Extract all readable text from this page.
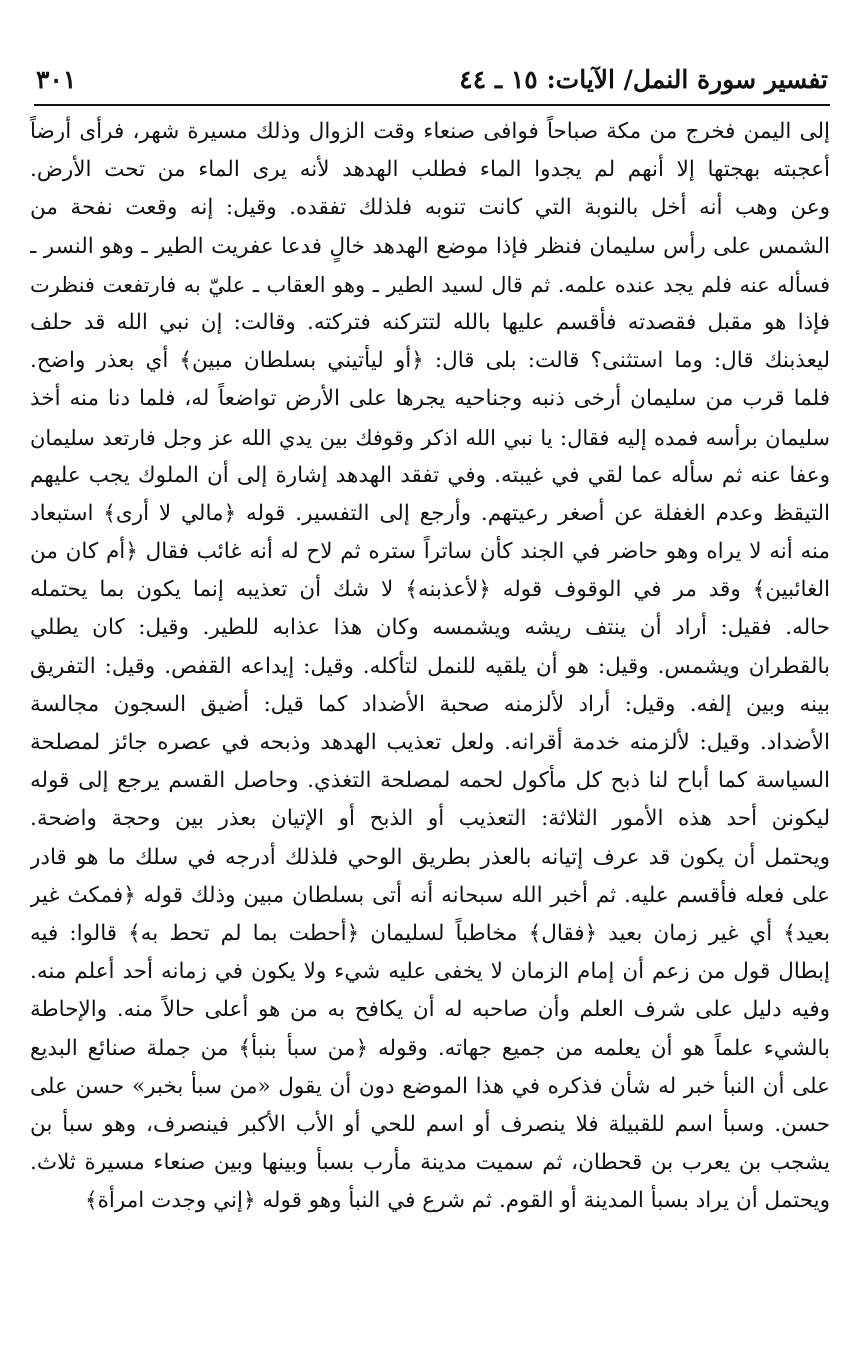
تفسير سورة النمل/ الآيات: ١٥ ـ ٤٤
٣٠١
إلى اليمن فخرج من مكة صباحاً فوافى صنعاء وقت الزوال وذلك مسيرة شهر، فرأى أرضاً
أعجبته بهجتها إلا أنهم لم يجدوا الماء فطلب الهدهد لأنه يرى الماء من تحت الأرض.
وعن وهب أنه أخل بالنوبة التي كانت تنوبه فلذلك تفقده. وقيل: إنه وقعت نفحة من
الشمس على رأس سليمان فنظر فإذا موضع الهدهد خالٍ فدعا عفريت الطير ـ وهو النسر ـ
فسأله عنه فلم يجد عنده علمه. ثم قال لسيد الطير ـ وهو العقاب ـ عليّ به فارتفعت فنظرت
فإذا هو مقبل فقصدته فأقسم عليها بالله لتتركنه فتركته. وقالت: إن نبي الله قد حلف
ليعذبنك قال: وما استثنى؟ قالت: بلى قال: ﴿أو ليأتيني بسلطان مبين﴾ أي بعذر واضح.
فلما قرب من سليمان أرخى ذنبه وجناحيه يجرها على الأرض تواضعاً له، فلما دنا منه أخذ
سليمان برأسه فمده إليه فقال: يا نبي الله اذكر وقوفك بين يدي الله عز وجل فارتعد سليمان
وعفا عنه ثم سأله عما لقي في غيبته. وفي تفقد الهدهد إشارة إلى أن الملوك يجب عليهم
التيقظ وعدم الغفلة عن أصغر رعيتهم. وأرجع إلى التفسير. قوله ﴿مالي لا أرى﴾ استبعاد
منه أنه لا يراه وهو حاضر في الجند كأن ساتراً ستره ثم لاح له أنه غائب فقال ﴿أم كان من
الغائبين﴾ وقد مر في الوقوف قوله ﴿لأعذبنه﴾ لا شك أن تعذيبه إنما يكون بما يحتمله
حاله. فقيل: أراد أن ينتف ريشه ويشمسه وكان هذا عذابه للطير. وقيل: كان يطلي
بالقطران ويشمس. وقيل: هو أن يلقيه للنمل لتأكله. وقيل: إيداعه القفص. وقيل: التفريق
بينه وبين إلفه. وقيل: أراد لألزمنه صحبة الأضداد كما قيل: أضيق السجون مجالسة
الأضداد. وقيل: لألزمنه خدمة أقرانه. ولعل تعذيب الهدهد وذبحه في عصره جائز لمصلحة
السياسة كما أباح لنا ذبح كل مأكول لحمه لمصلحة التغذي. وحاصل القسم يرجع إلى قوله
ليكونن أحد هذه الأمور الثلاثة: التعذيب أو الذبح أو الإتيان بعذر بين وحجة واضحة.
ويحتمل أن يكون قد عرف إتيانه بالعذر بطريق الوحي فلذلك أدرجه في سلك ما هو قادر
على فعله فأقسم عليه. ثم أخبر الله سبحانه أنه أتى بسلطان مبين وذلك قوله ﴿فمكث غير
بعيد﴾ أي غير زمان بعيد ﴿فقال﴾ مخاطباً لسليمان ﴿أحطت بما لم تحط به﴾ قالوا: فيه
إبطال قول من زعم أن إمام الزمان لا يخفى عليه شيء ولا يكون في زمانه أحد أعلم منه.
وفيه دليل على شرف العلم وأن صاحبه له أن يكافح به من هو أعلى حالاً منه. والإحاطة
بالشيء علماً هو أن يعلمه من جميع جهاته. وقوله ﴿من سبأ بنبأ﴾ من جملة صنائع البديع
على أن النبأ خبر له شأن فذكره في هذا الموضع دون أن يقول «من سبأ بخبر» حسن على
حسن. وسبأ اسم للقبيلة فلا ينصرف أو اسم للحي أو الأب الأكبر فينصرف، وهو سبأ بن
يشجب بن يعرب بن قحطان، ثم سميت مدينة مأرب بسبأ وبينها وبين صنعاء مسيرة ثلاث.
ويحتمل أن يراد بسبأ المدينة أو القوم. ثم شرع في النبأ وهو قوله ﴿إني وجدت امرأة﴾
